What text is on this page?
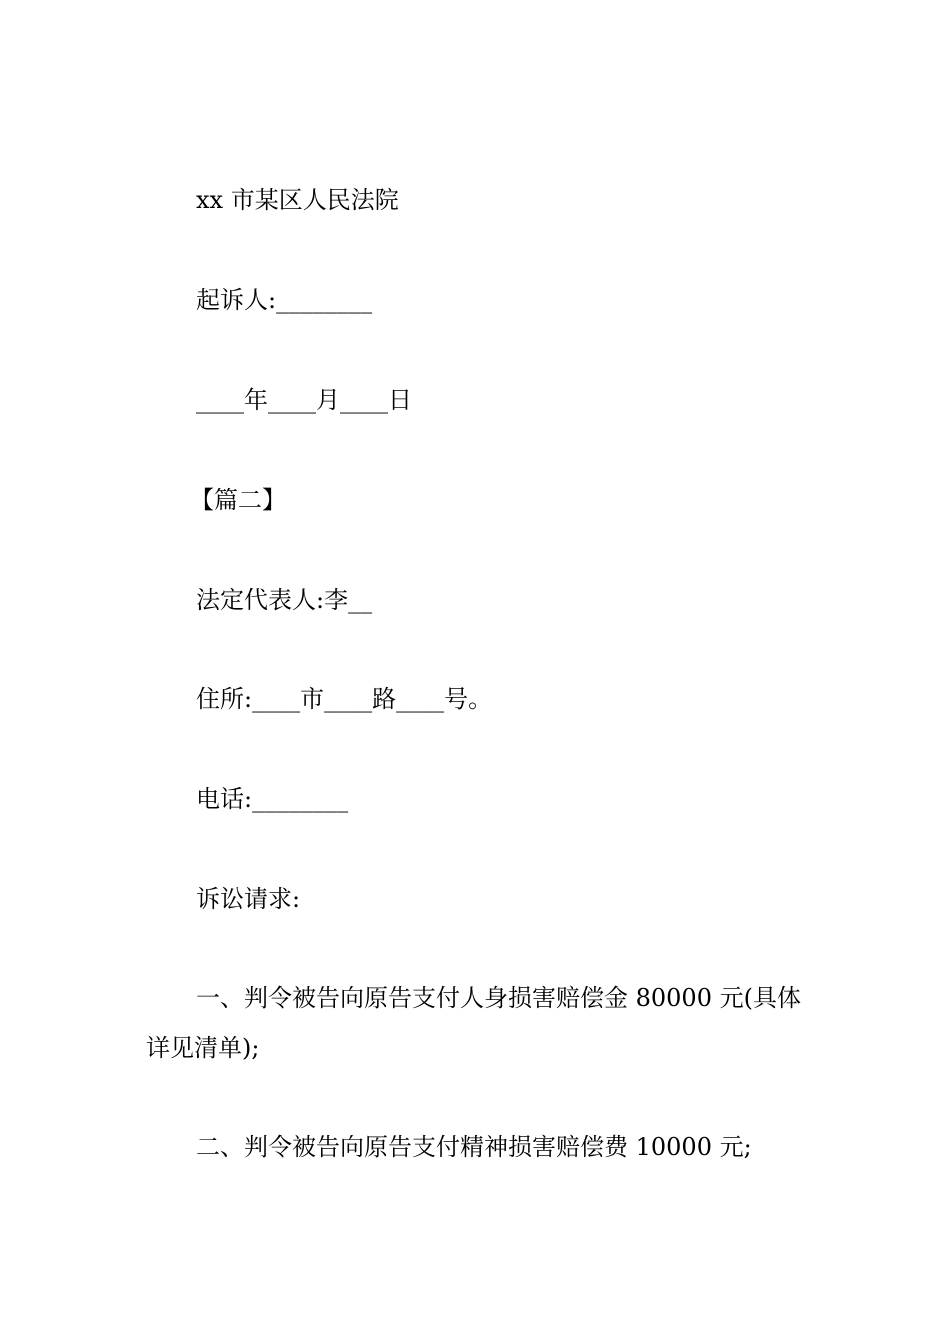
xx 市某区人民法院
起诉人:________
____年____月____日
【篇二】
法定代表人:李__
住所:____市____路____号。
电话:________
诉讼请求:
一、判令被告向原告支付人身损害赔偿金 80000 元(具体详见清单);
二、判令被告向原告支付精神损害赔偿费 10000 元;
